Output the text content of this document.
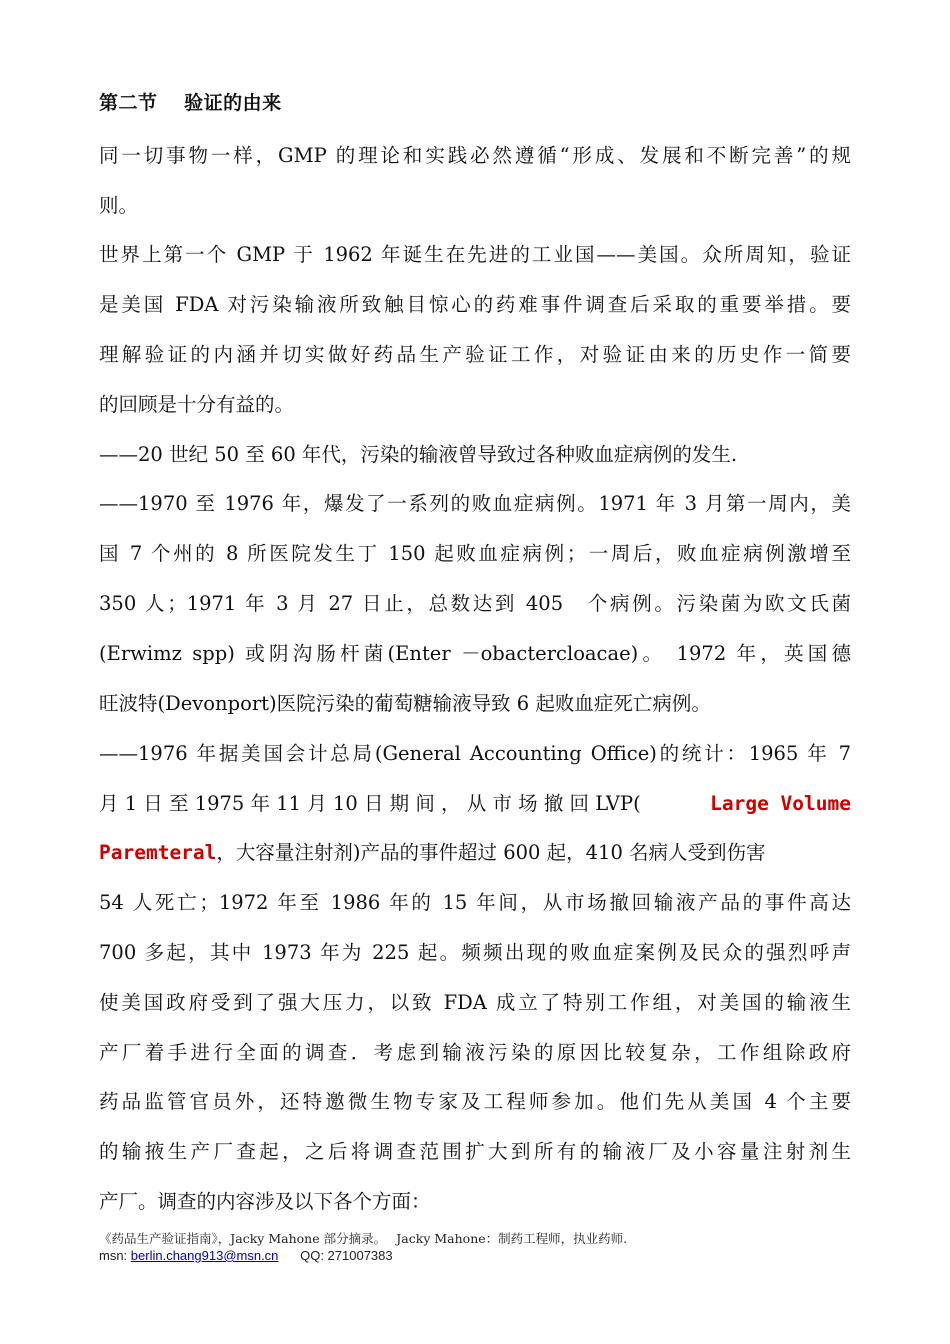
第二节　 验证的由来
同一切事物一样，GMP 的理论和实践必然遵循“形成、发展和不断完善”的规
则。
世界上第一个 GMP 于 1962 年诞生在先进的工业国——美国。众所周知，验证
是美国 FDA 对污染输液所致触目惊心的药难事件调查后采取的重要举措。要
理解验证的内涵并切实做好药品生产验证工作，对验证由来的历史作一简要
的回顾是十分有益的。
——20 世纪 50 至 60 年代，污染的输液曾导致过各种败血症病例的发生.
——1970 至 1976 年，爆发了一系列的败血症病例。1971 年 3 月第一周内，美
国 7 个州的 8 所医院发生丁 150 起败血症病例；一周后，败血症病例激增至
350 人；1971 年 3 月 27 日止，总数达到 405　个病例。污染菌为欧文氏菌
(Erwimz spp) 或阴沟肠杆菌(Enter －obactercloacae)。 1972 年，英国德
旺波特(Devonport)医院污染的葡萄糖输液导致 6 起败血症死亡病例。
——1976 年据美国会计总局(General Accounting Office)的统计：1965 年 7
月 1 日 至 1975 年 11 月 10 日 期 间 ， 从 市 场 撤 回 LVP(	Large Volume
Paremteral，大容量注射剂)产品的事件超过 600 起，410 名病人受到伤害
54 人死亡；1972 年至 1986 年的 15 年间，从市场撤回输液产品的事件高达
700 多起，其中 1973 年为 225 起。频频出现的败血症案例及民众的强烈呼声
使美国政府受到了强大压力，以致 FDA 成立了特别工作组，对美国的输液生
产厂着手进行全面的调查．考虑到输液污染的原因比较复杂，工作组除政府
药品监管官员外，还特邀微生物专家及工程师参加。他们先从美国 4 个主要
的输掖生产厂查起，之后将调查范围扩大到所有的输液厂及小容量注射剂生
产厂。调查的内容涉及以下各个方面：
《药品生产验证指南》，Jacky Mahone 部分摘录。　 Jacky Mahone：制药工程师，执业药师.
msn: berlin.chang913@msn.cn QQ: 271007383
